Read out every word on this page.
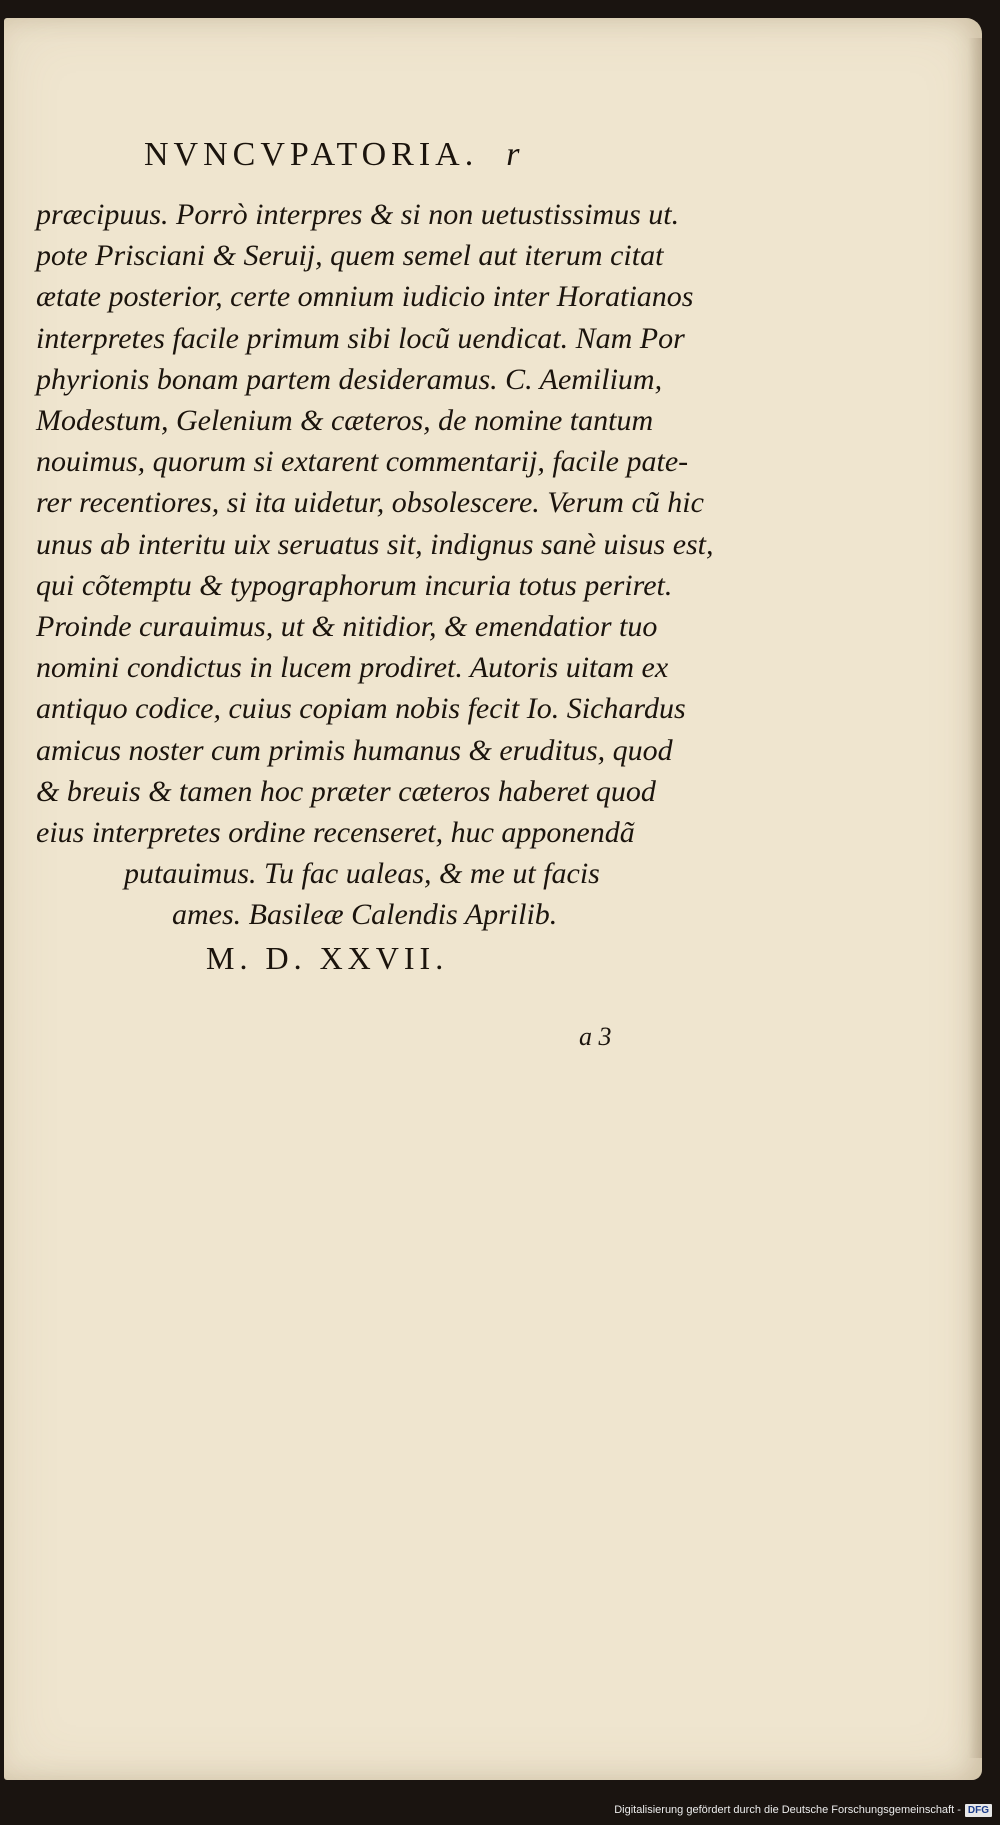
NVNCVPATORIA. r
præcipuus. Porrò interpres & si non uetustissimus ut.
pote Prisciani & Seruij, quem semel aut iterum citat
ætate posterior, certe omnium iudicio inter Horatianos
interpretes facile primum sibi locũ uendicat. Nam Por
phyrionis bonam partem desideramus. C. Aemilium,
Modestum, Gelenium & cæteros, de nomine tantum
nouimus, quorum si extarent commentarij, facile pate-
rer recentiores, si ita uidetur, obsolescere. Verum cũ hic
unus ab interitu uix seruatus sit, indignus sanè uisus est,
qui cõtemptu & typographorum incuria totus periret.
Proinde curauimus, ut & nitidior, & emendatior tuo
nomini condictus in lucem prodiret. Autoris uitam ex
antiquo codice, cuius copiam nobis fecit Io. Sichardus
amicus noster cum primis humanus & eruditus, quod
& breuis & tamen hoc præter cæteros haberet quod
eius interpretes ordine recenseret, huc apponendã
putauimus. Tu fac ualeas, & me ut facis
ames. Basileæ Calendis Aprilib.
M. D. XXVII.
a 3
Digitalisierung gefördert durch die Deutsche Forschungsgemeinschaft - DFG
